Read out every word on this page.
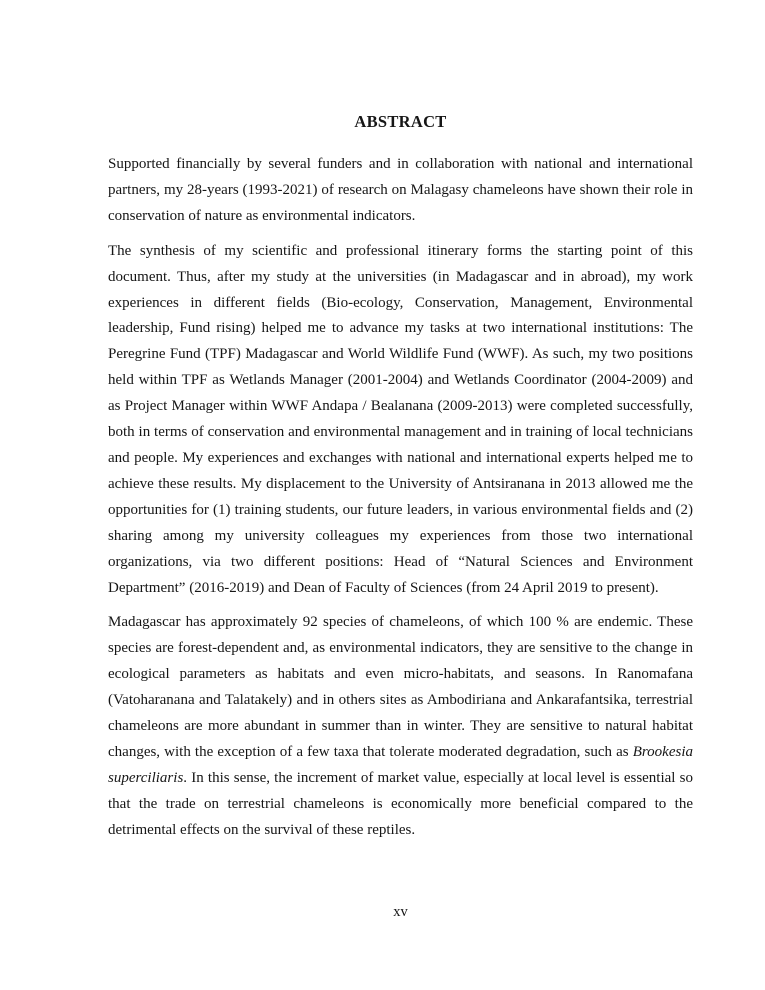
ABSTRACT

Supported financially by several funders and in collaboration with national and international partners, my 28-years (1993-2021) of research on Malagasy chameleons have shown their role in conservation of nature as environmental indicators.

The synthesis of my scientific and professional itinerary forms the starting point of this document. Thus, after my study at the universities (in Madagascar and in abroad), my work experiences in different fields (Bio-ecology, Conservation, Management, Environmental leadership, Fund rising) helped me to advance my tasks at two international institutions: The Peregrine Fund (TPF) Madagascar and World Wildlife Fund (WWF). As such, my two positions held within TPF as Wetlands Manager (2001-2004) and Wetlands Coordinator (2004-2009) and as Project Manager within WWF Andapa / Bealanana (2009-2013) were completed successfully, both in terms of conservation and environmental management and in training of local technicians and people. My experiences and exchanges with national and international experts helped me to achieve these results. My displacement to the University of Antsiranana in 2013 allowed me the opportunities for (1) training students, our future leaders, in various environmental fields and (2) sharing among my university colleagues my experiences from those two international organizations, via two different positions: Head of “Natural Sciences and Environment Department” (2016-2019) and Dean of Faculty of Sciences (from 24 April 2019 to present).

Madagascar has approximately 92 species of chameleons, of which 100 % are endemic. These species are forest-dependent and, as environmental indicators, they are sensitive to the change in ecological parameters as habitats and even micro-habitats, and seasons. In Ranomafana (Vatoharanana and Talatakely) and in others sites as Ambodiriana and Ankarafantsika, terrestrial chameleons are more abundant in summer than in winter. They are sensitive to natural habitat changes, with the exception of a few taxa that tolerate moderated degradation, such as Brookesia superciliaris. In this sense, the increment of market value, especially at local level is essential so that the trade on terrestrial chameleons is economically more beneficial compared to the detrimental effects on the survival of these reptiles.

xv
